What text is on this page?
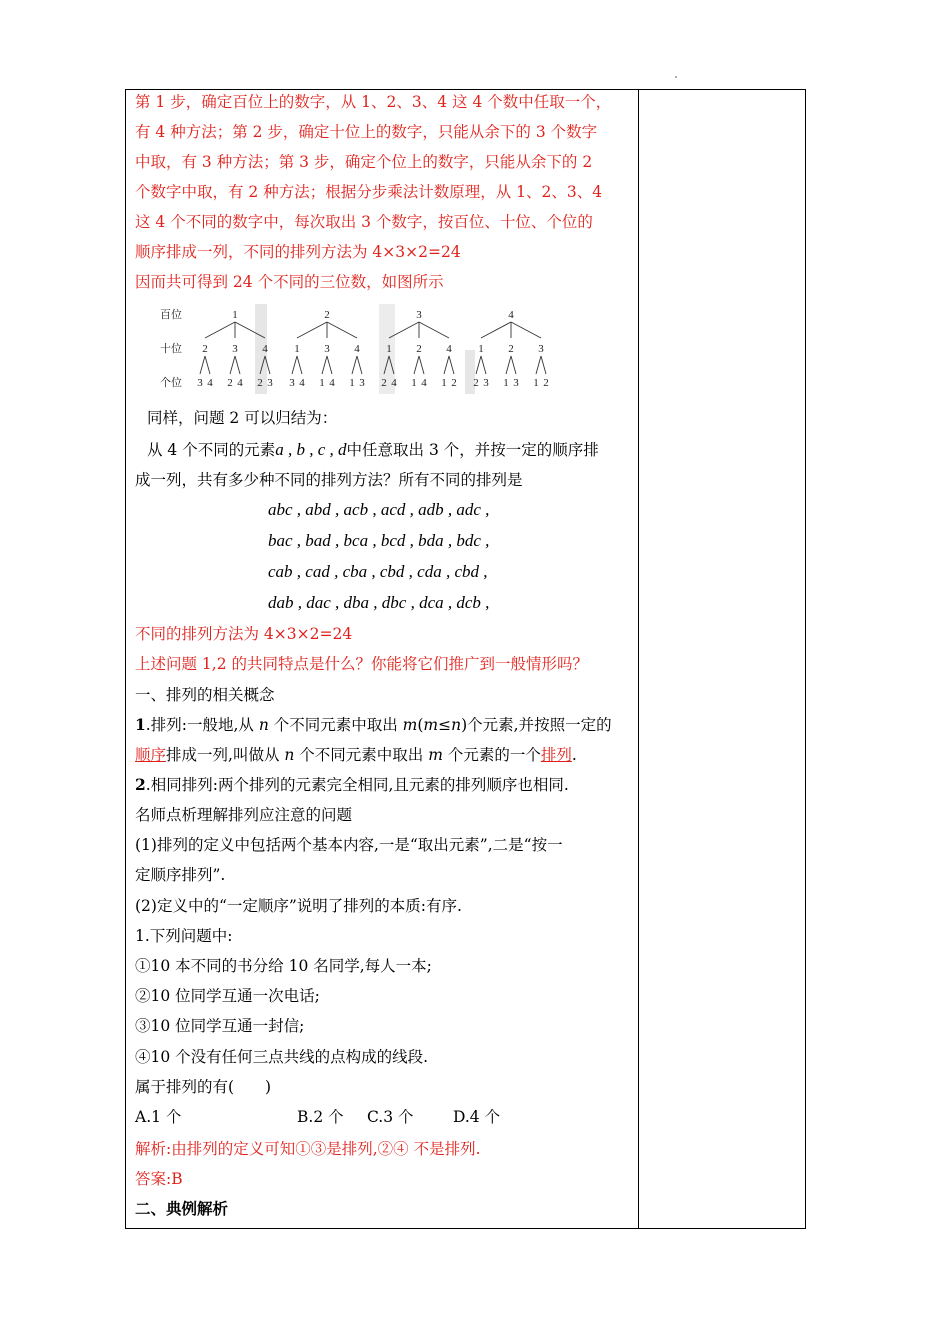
第 1 步，确定百位上的数字，从 1、2、3、4 这 4 个数中任取一个，
有 4 种方法；第 2 步，确定十位上的数字，只能从余下的 3 个数字
中取，有 3 种方法；第 3 步，确定个位上的数字，只能从余下的 2
个数字中取，有 2 种方法；根据分步乘法计数原理，从 1、2、3、4
这 4 个不同的数字中，每次取出 3 个数字，按百位、十位、个位的
顺序排成一列，不同的排列方法为 4×3×2=24
因而共可得到 24 个不同的三位数，如图所示
百位
十位
个位
1
2
3 4
3
2 4
4
2 3
2
1
3 4
3
1 4
4
1 3
3
1
2 4
2
1 4
4
1 2
4
1
2 3
2
1 3
3
1 2
同样，问题 2 可以归结为：
从 4 个不同的元素a , b , c , d中任意取出 3 个，并按一定的顺序排
成一列，共有多少种不同的排列方法？所有不同的排列是
abc , abd , acb , acd , adb , adc ,
bac , bad , bca , bcd , bda , bdc ,
cab , cad , cba , cbd , cda , cbd ,
dab , dac , dba , dbc , dca , dcb ,
不同的排列方法为 4×3×2=24
上述问题 1,2 的共同特点是什么？你能将它们推广到一般情形吗？
一、排列的相关概念
1.排列:一般地,从 n 个不同元素中取出 m(m≤n)个元素,并按照一定的
顺序排成一列,叫做从 n 个不同元素中取出 m 个元素的一个排列.
2.相同排列:两个排列的元素完全相同,且元素的排列顺序也相同.
名师点析理解排列应注意的问题
(1)排列的定义中包括两个基本内容,一是“取出元素”,二是“按一
定顺序排列”.
(2)定义中的“一定顺序”说明了排列的本质:有序.
1.下列问题中:
①10 本不同的书分给 10 名同学,每人一本;
②10 位同学互通一次电话;
③10 位同学互通一封信;
④10 个没有任何三点共线的点构成的线段.
属于排列的有(　　)
A.1 个	B.2 个 C.3 个	D.4 个
解析:由排列的定义可知①③是排列,②④ 不是排列.
答案:B
二、典例解析
